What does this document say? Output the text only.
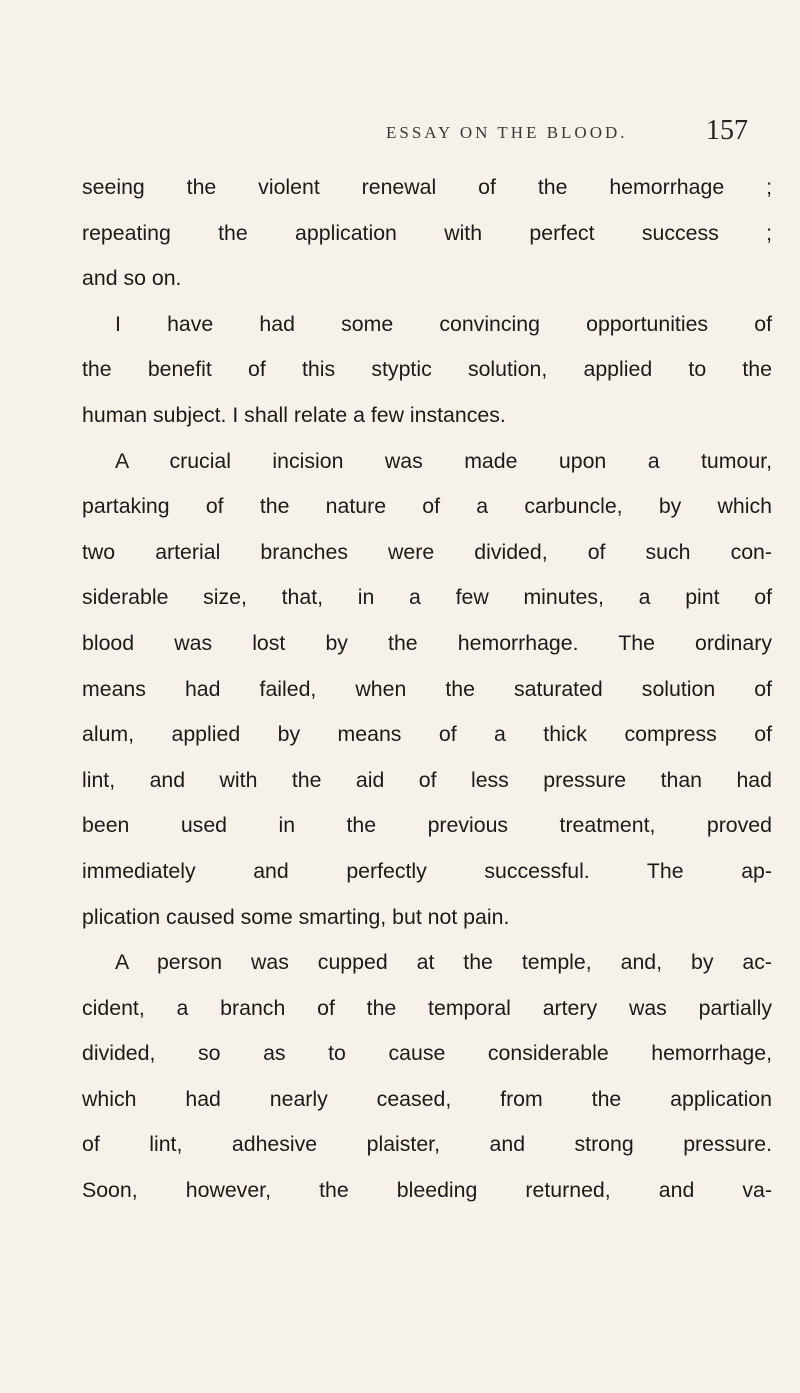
ESSAY ON THE BLOOD.	157
seeing the violent renewal of the hemorrhage ;
repeating the application with perfect success ;
and so on.
I have had some convincing opportunities of
the benefit of this styptic solution, applied to the
human subject. I shall relate a few instances.
A crucial incision was made upon a tumour,
partaking of the nature of a carbuncle, by which
two arterial branches were divided, of such con-
siderable size, that, in a few minutes, a pint of
blood was lost by the hemorrhage. The ordinary
means had failed, when the saturated solution of
alum, applied by means of a thick compress of
lint, and with the aid of less pressure than had
been used in the previous treatment, proved
immediately and perfectly successful. The ap-
plication caused some smarting, but not pain.
A person was cupped at the temple, and, by ac-
cident, a branch of the temporal artery was partially
divided, so as to cause considerable hemorrhage,
which had nearly ceased, from the application
of lint, adhesive plaister, and strong pressure.
Soon, however, the bleeding returned, and va-
